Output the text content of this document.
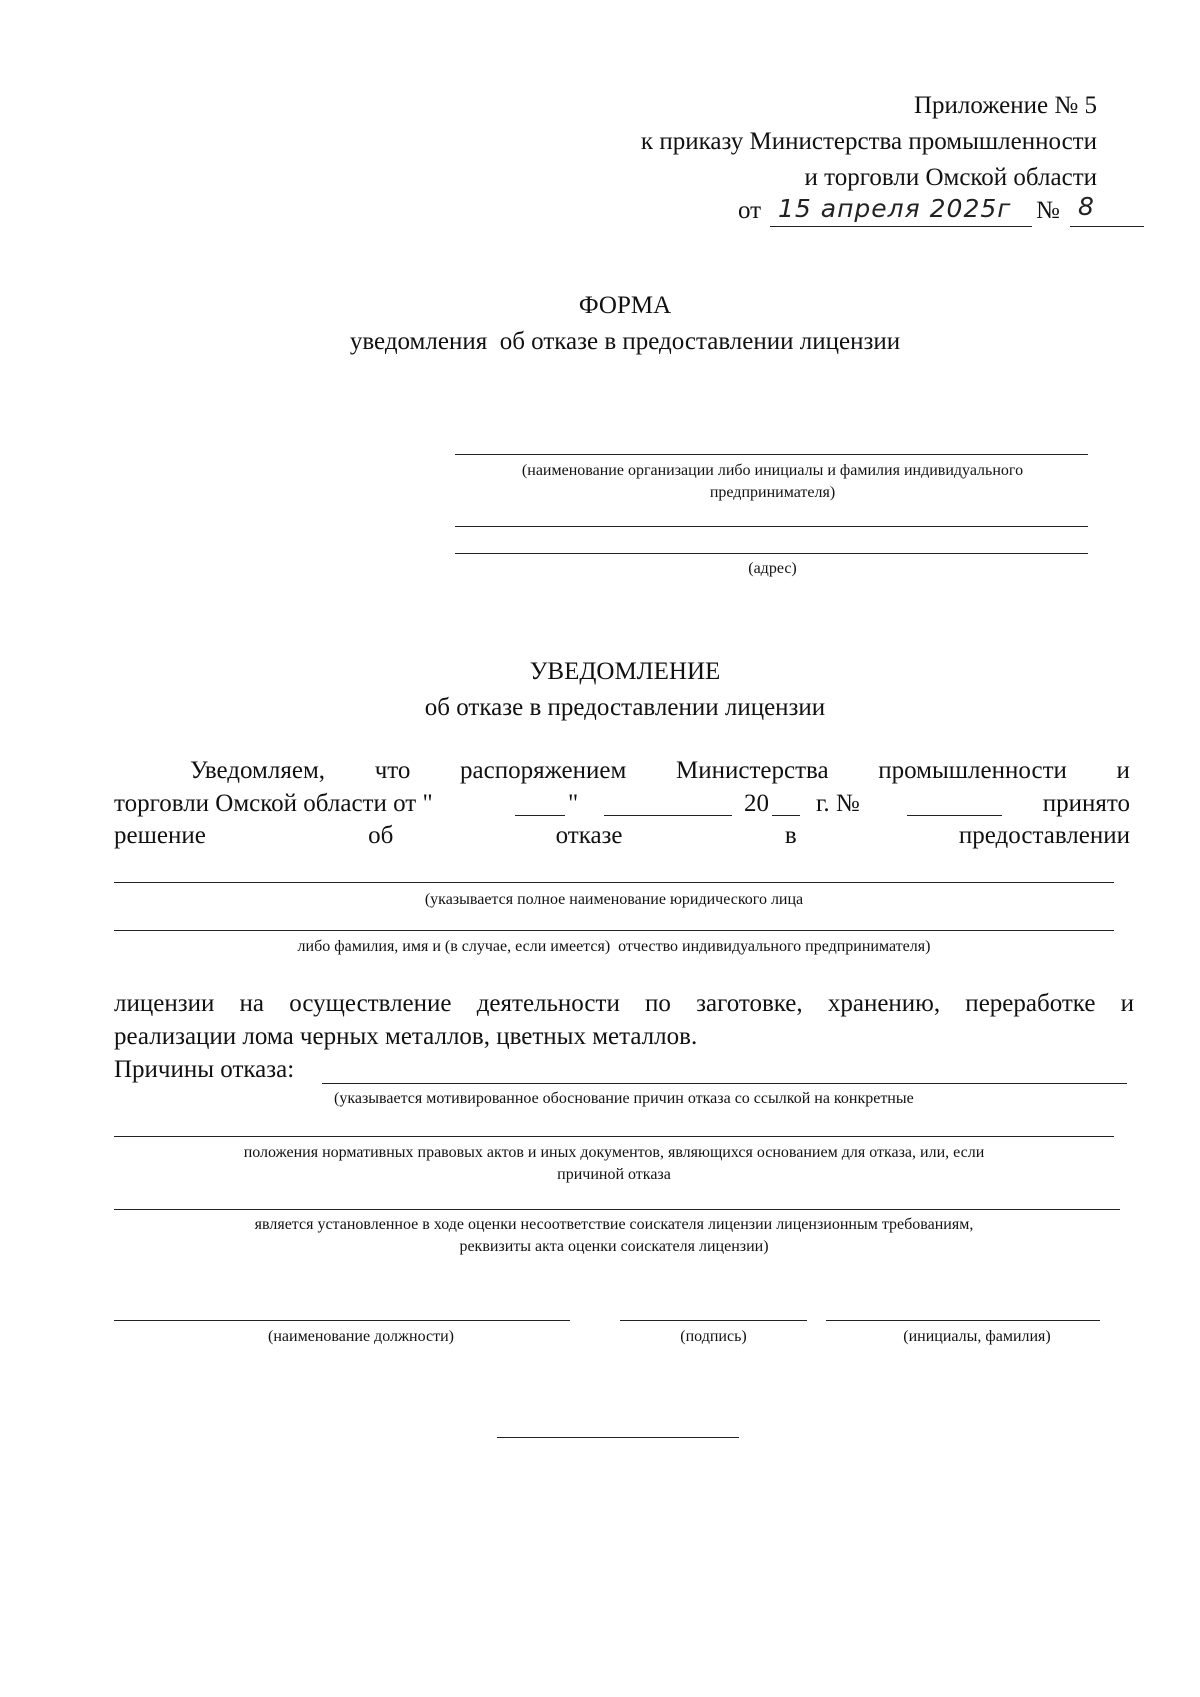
Приложение № 5
к приказу Министерства промышленности
и торговли Омской области
от 15 апреля 2025г № 8
ФОРМА
уведомления  об отказе в предоставлении лицензии
(наименование организации либо инициалы и фамилия индивидуального
предпринимателя)
(адрес)
УВЕДОМЛЕНИЕ
об отказе в предоставлении лицензии
Уведомляем, что распоряжением Министерства промышленности и
торговли Омской области от "	"	20 г. №	принято
решение	об	отказе	в	предоставлении
(указывается полное наименование юридического лица
либо фамилия, имя и (в случае, если имеется)  отчество индивидуального предпринимателя)
лицензии на осуществление деятельности по заготовке, хранению, переработке и
реализации лома черных металлов, цветных металлов.
Причины отказа:
(указывается мотивированное обоснование причин отказа со ссылкой на конкретные
положения нормативных правовых актов и иных документов, являющихся основанием для отказа, или, если
причиной отказа
является установленное в ходе оценки несоответствие соискателя лицензии лицензионным требованиям,
реквизиты акта оценки соискателя лицензии)
(наименование должности)	(подпись)	(инициалы, фамилия)
